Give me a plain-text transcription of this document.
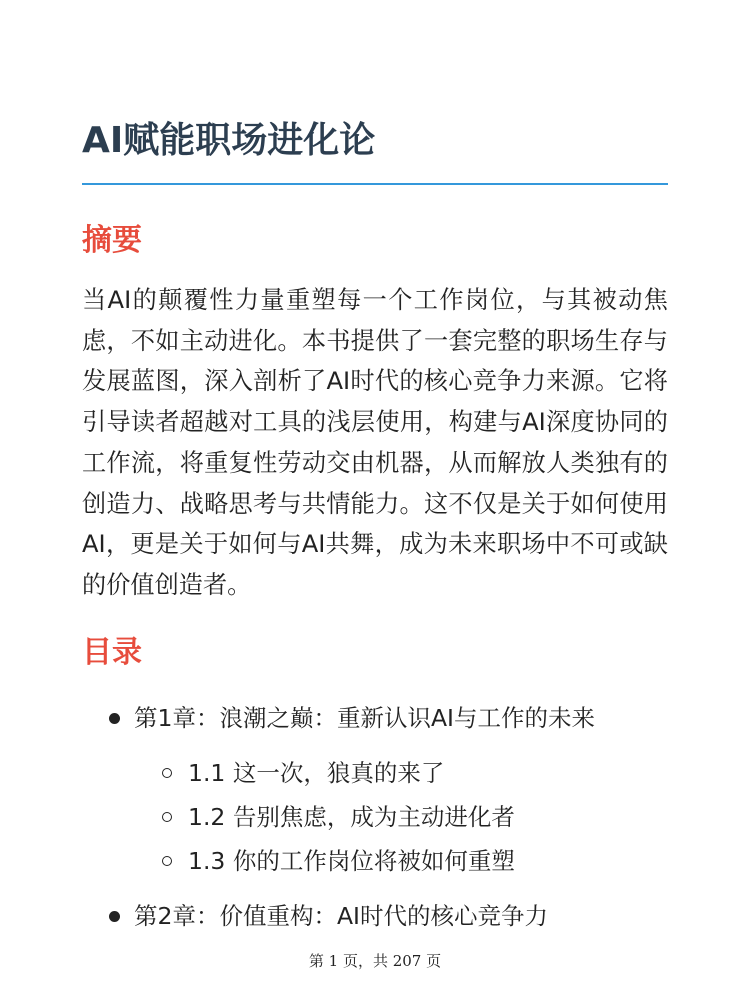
AI赋能职场进化论
摘要

当AI的颠覆性力量重塑每一个工作岗位，与其被动焦虑，不如主动进化。本书提供了一套完整的职场生存与发展蓝图，深入剖析了AI时代的核心竞争力来源。它将引导读者超越对工具的浅层使用，构建与AI深度协同的工作流，将重复性劳动交由机器，从而解放人类独有的创造力、战略思考与共情能力。这不仅是关于如何使用AI，更是关于如何与AI共舞，成为未来职场中不可或缺的价值创造者。

目录
第1章：浪潮之巅：重新认识AI与工作的未来
1.1 这一次，狼真的来了
1.2 告别焦虑，成为主动进化者
1.3 你的工作岗位将被如何重塑
第2章：价值重构：AI时代的核心竞争力
第 1 页，共 207 页
